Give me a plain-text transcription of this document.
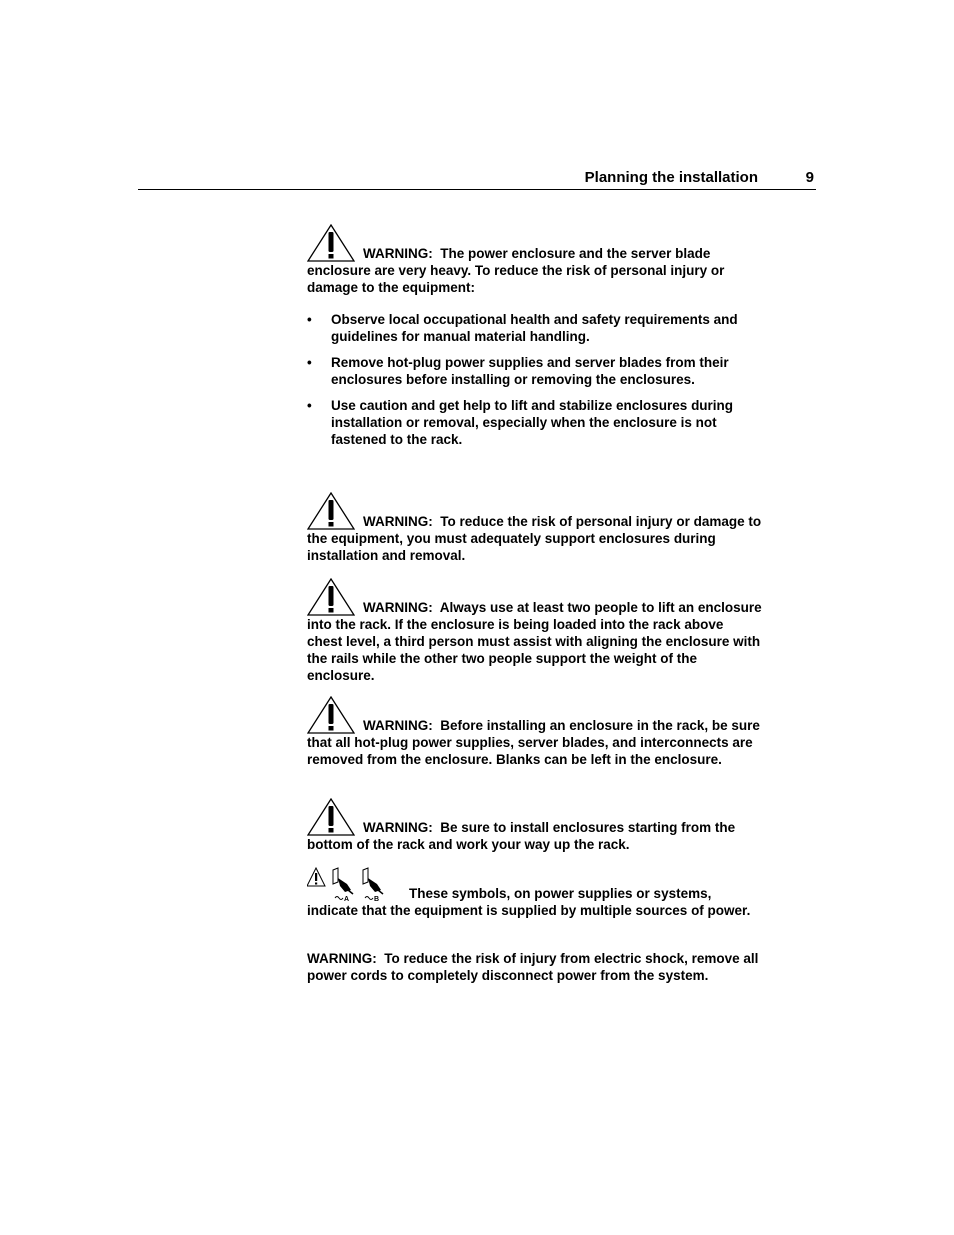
Planning the installation	9
WARNING: The power enclosure and the server blade enclosure are very heavy. To reduce the risk of personal injury or damage to the equipment:
• Observe local occupational health and safety requirements and guidelines for manual material handling.
• Remove hot-plug power supplies and server blades from their enclosures before installing or removing the enclosures.
• Use caution and get help to lift and stabilize enclosures during installation or removal, especially when the enclosure is not fastened to the rack.
WARNING: To reduce the risk of personal injury or damage to the equipment, you must adequately support enclosures during installation and removal.
WARNING: Always use at least two people to lift an enclosure into the rack. If the enclosure is being loaded into the rack above chest level, a third person must assist with aligning the enclosure with the rails while the other two people support the weight of the enclosure.
WARNING: Before installing an enclosure in the rack, be sure that all hot-plug power supplies, server blades, and interconnects are removed from the enclosure. Blanks can be left in the enclosure.
WARNING: Be sure to install enclosures starting from the bottom of the rack and work your way up the rack.
A	B These symbols, on power supplies or systems, indicate that the equipment is supplied by multiple sources of power.
WARNING: To reduce the risk of injury from electric shock, remove all power cords to completely disconnect power from the system.
